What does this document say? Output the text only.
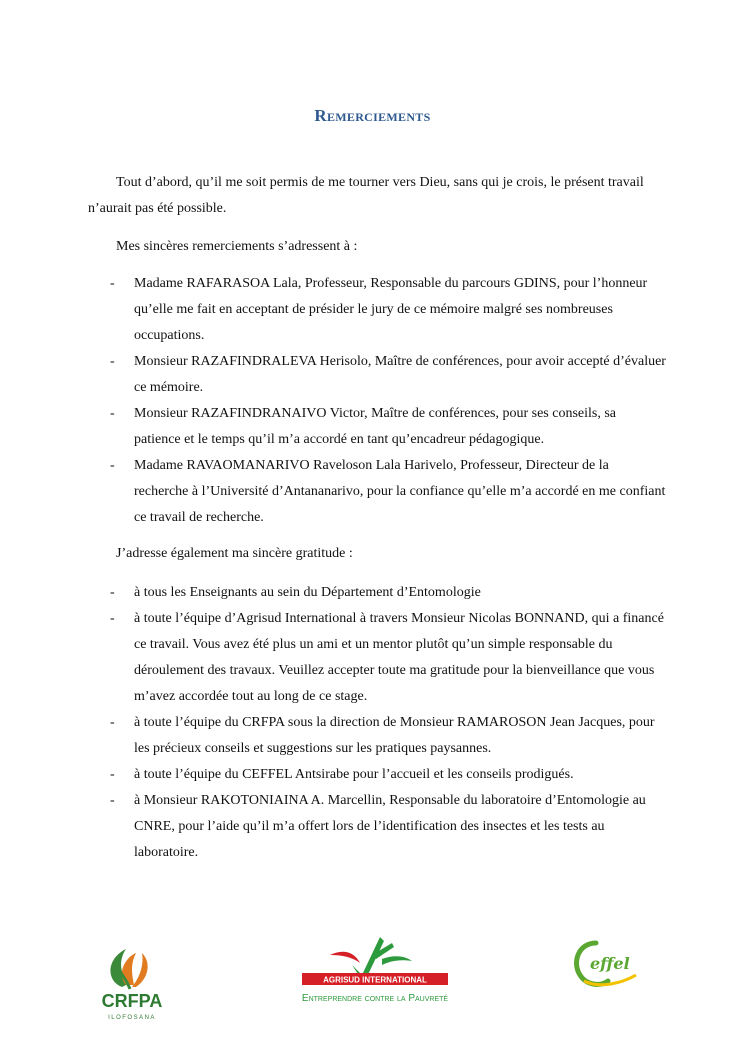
Remerciements
Tout d’abord, qu’il me soit permis de me tourner vers Dieu, sans qui je crois, le présent travail n’aurait pas été possible.
Mes sincères remerciements s’adressent à :
- Madame RAFARASOA Lala, Professeur, Responsable du parcours GDINS, pour l’honneur qu’elle me fait en acceptant de présider le jury de ce mémoire malgré ses nombreuses occupations.
- Monsieur RAZAFINDRALEVA Herisolo, Maître de conférences, pour avoir accepté d’évaluer ce mémoire.
- Monsieur RAZAFINDRANAIVO Victor, Maître de conférences, pour ses conseils, sa patience et le temps qu’il m’a accordé en tant qu’encadreur pédagogique.
- Madame RAVAOMANARIVO Raveloson Lala Harivelo, Professeur, Directeur de la recherche à l’Université d’Antananarivo, pour la confiance qu’elle m’a accordé en me confiant ce travail de recherche.
J’adresse également ma sincère gratitude :
- à tous les Enseignants au sein du Département d’Entomologie
- à toute l’équipe d’Agrisud International à travers Monsieur Nicolas BONNAND, qui a financé ce travail. Vous avez été plus un ami et un mentor plutôt qu’un simple responsable du déroulement des travaux. Veuillez accepter toute ma gratitude pour la bienveillance que vous m’avez accordée tout au long de ce stage.
- à toute l’équipe du CRFPA sous la direction de Monsieur RAMAROSON Jean Jacques, pour les précieux conseils et suggestions sur les pratiques paysannes.
- à toute l’équipe du CEFFEL Antsirabe pour l’accueil et les conseils prodigués.
- à Monsieur RAKOTONIAINA A. Marcellin, Responsable du laboratoire d’Entomologie au CNRE, pour l’aide qu’il m’a offert lors de l’identification des insectes et les tests au laboratoire.
CRFPA
ILOFOSANA
AGRISUD INTERNATIONAL
Entreprendre contre la Pauvreté
effel
